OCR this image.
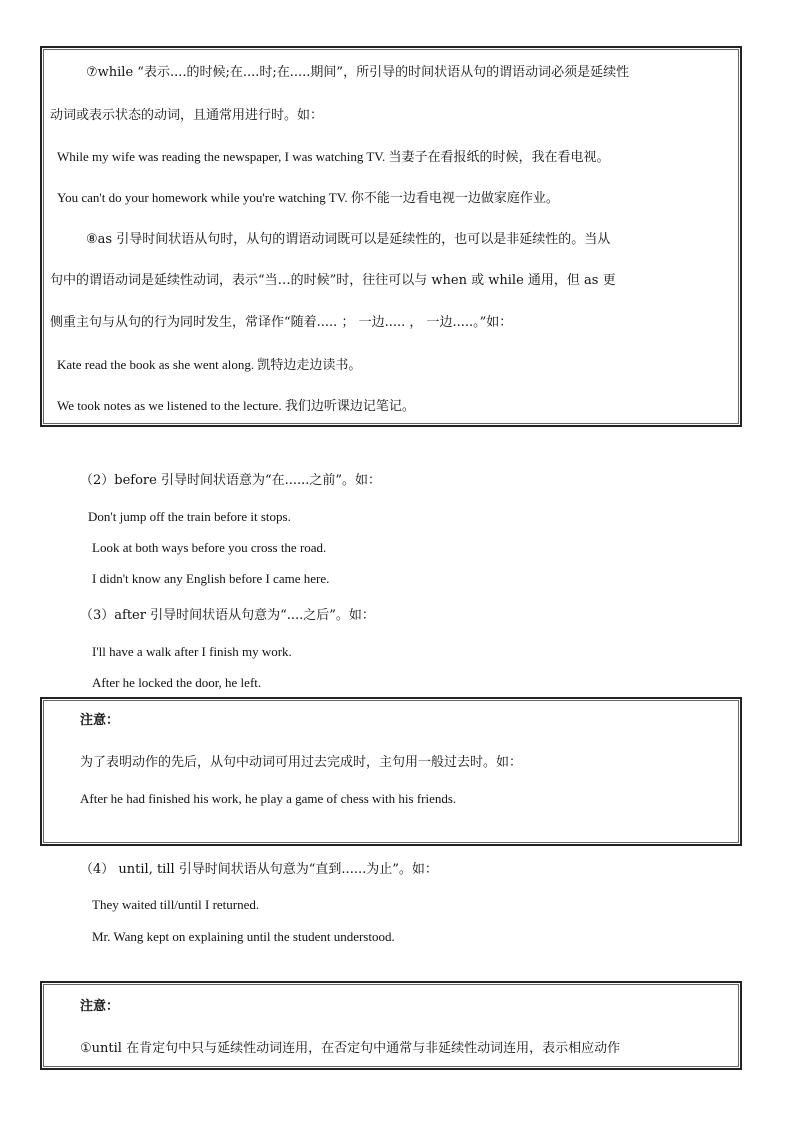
⑦while “表示....的时候;在....时;在.....期间”，所引导的时间状语从句的谓语动词必须是延续性
动词或表示状态的动词，且通常用进行时。如：
While my wife was reading the newspaper, I was watching TV. 当妻子在看报纸的时候，我在看电视。
You can't do your homework while you're watching TV. 你不能一边看电视一边做家庭作业。
⑧as 引导时间状语从句时，从句的谓语动词既可以是延续性的，也可以是非延续性的。当从
句中的谓语动词是延续性动词，表示“当…的时候”时，往往可以与 when 或 while 通用，但 as 更
侧重主句与从句的行为同时发生，常译作“随着..... ； 一边..... ， 一边.....。”如：
Kate read the book as she went along. 凯特边走边读书。
We took notes as we listened to the lecture. 我们边听课边记笔记。
（2）before 引导时间状语意为“在......之前”。如：
Don't jump off the train before it stops.
Look at both ways before you cross the road.
I didn't know any English before I came here.
（3）after 引导时间状语从句意为“....之后”。如：
I'll have a walk after I finish my work.
After he locked the door, he left.
注意：
为了表明动作的先后，从句中动词可用过去完成时，主句用一般过去时。如：
After he had finished his work, he play a game of chess with his friends.
（4） until, till 引导时间状语从句意为“直到......为止”。如：
They waited till/until I returned.
Mr. Wang kept on explaining until the student understood.
注意：
①until 在肯定句中只与延续性动词连用，在否定句中通常与非延续性动词连用，表示相应动作
